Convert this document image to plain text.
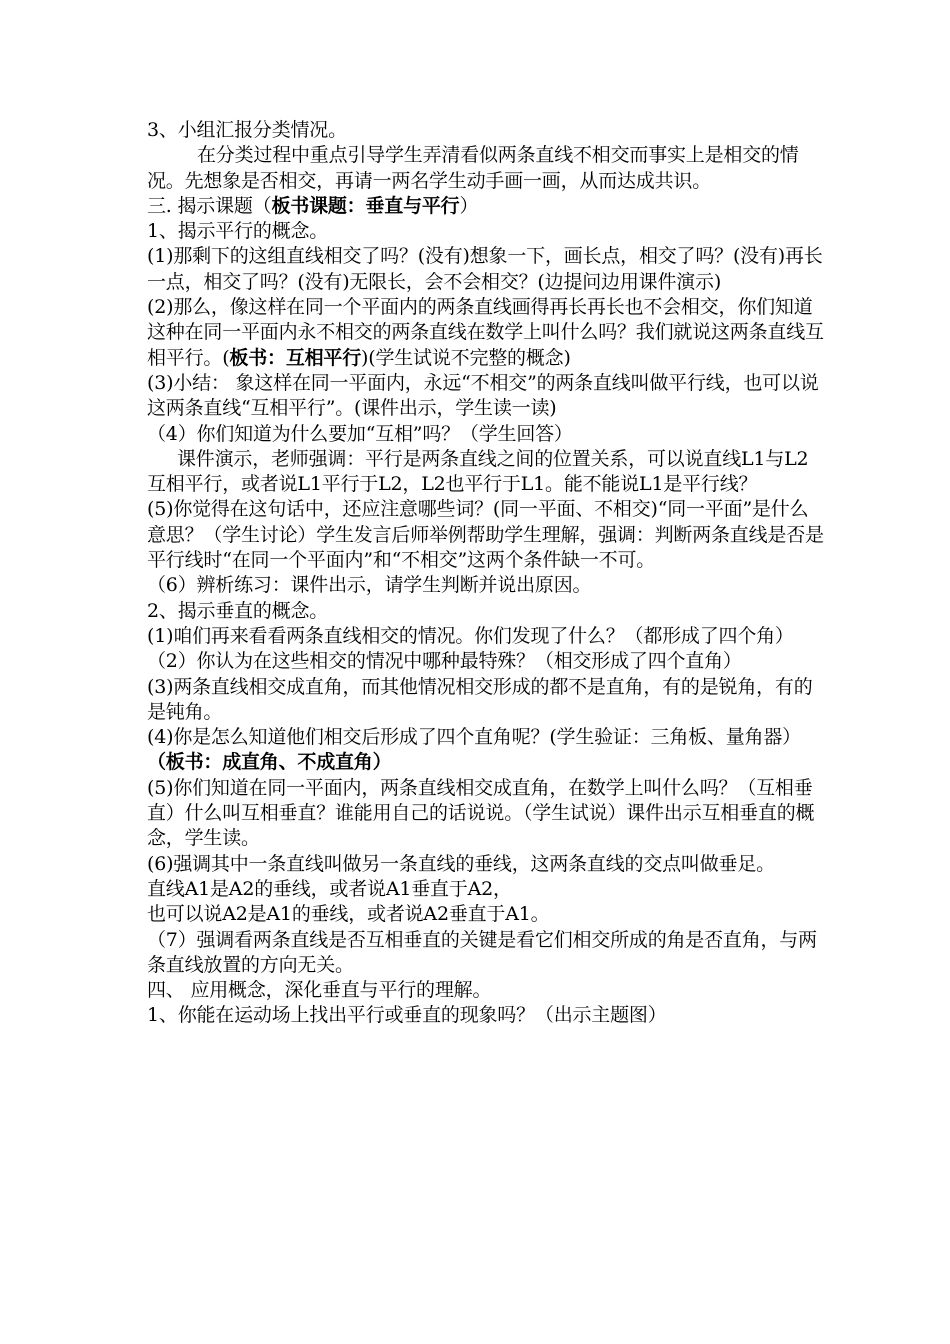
3、小组汇报分类情况。

在分类过程中重点引导学生弄清看似两条直线不相交而事实上是相交的情况。先想象是否相交，再请一两名学生动手画一画，从而达成共识。

三. 揭示课题（板书课题：垂直与平行）

1、揭示平行的概念。

(1)那剩下的这组直线相交了吗？(没有)想象一下，画长点，相交了吗？(没有)再长一点，相交了吗？(没有)无限长，会不会相交？(边提问边用课件演示)

(2)那么，像这样在同一个平面内的两条直线画得再长再长也不会相交，你们知道这种在同一平面内永不相交的两条直线在数学上叫什么吗？我们就说这两条直线互相平行。(板书：互相平行)(学生试说不完整的概念)

(3)小结： 象这样在同一平面内，永远“不相交”的两条直线叫做平行线，也可以说这两条直线“互相平行”。(课件出示，学生读一读)

（4）你们知道为什么要加“互相”吗？（学生回答）

课件演示，老师强调：平行是两条直线之间的位置关系，可以说直线L1与L2互相平行，或者说L1平行于L2，L2也平行于L1。能不能说L1是平行线？

(5)你觉得在这句话中，还应注意哪些词？(同一平面、不相交)“同一平面”是什么意思？（学生讨论）学生发言后师举例帮助学生理解，强调：判断两条直线是否是平行线时“在同一个平面内”和“不相交”这两个条件缺一不可。

（6）辨析练习：课件出示，请学生判断并说出原因。

2、揭示垂直的概念。

(1)咱们再来看看两条直线相交的情况。你们发现了什么？（都形成了四个角）

（2）你认为在这些相交的情况中哪种最特殊？（相交形成了四个直角）

(3)两条直线相交成直角，而其他情况相交形成的都不是直角，有的是锐角，有的是钝角。

(4)你是怎么知道他们相交后形成了四个直角呢？(学生验证：三角板、量角器） （板书：成直角、不成直角）

(5)你们知道在同一平面内，两条直线相交成直角，在数学上叫什么吗？（互相垂直）什么叫互相垂直？谁能用自己的话说说。（学生试说）课件出示互相垂直的概念，学生读。

(6)强调其中一条直线叫做另一条直线的垂线，这两条直线的交点叫做垂足。

直线A1是A2的垂线，或者说A1垂直于A2，

也可以说A2是A1的垂线，或者说A2垂直于A1。

（7）强调看两条直线是否互相垂直的关键是看它们相交所成的角是否直角，与两条直线放置的方向无关。

四、 应用概念，深化垂直与平行的理解。

1、你能在运动场上找出平行或垂直的现象吗？（出示主题图）
